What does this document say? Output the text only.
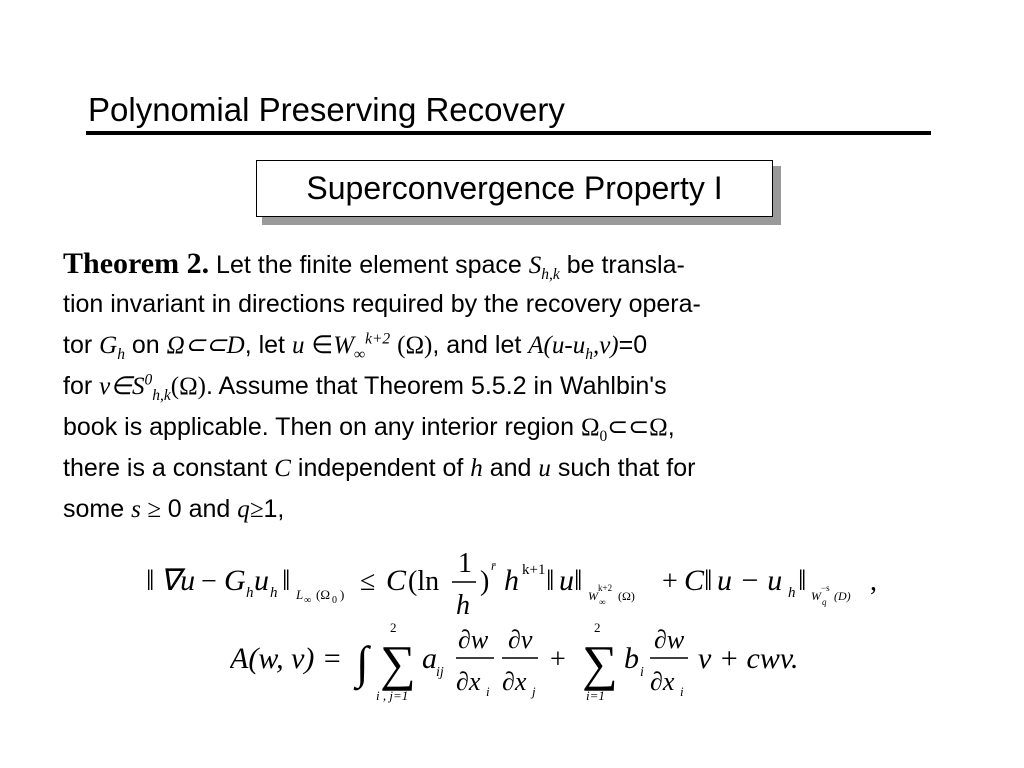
Polynomial Preserving Recovery
Superconvergence Property I
Theorem 2. Let the finite element space $S_{h,k}$ be transla-
tion invariant in directions required by the recovery opera-
tor $G_h$ on Ω⊂⊂D, let u $\in W_\infty^{k+2}$ (Ω), and let $A(u-u_h,v)=0$
for $v\in S^0_{h,k}(\Omega)$. Assume that Theorem 5.5.2 in Wahlbin's
book is applicable. Then on any interior region $\Omega_0\subset\subset\Omega$,
there is a constant C independent of h and u such that for
some s ≥ 0 and q≥1,
‖ ∇u − G h u h ‖ L ∞ (Ω 0 ) ≤ C (ln
1
h
) r̄ h k+1 ‖ u ‖ W ∞
k+2
(Ω) + C ‖ u − u h ‖ W q
−s
(D) ,
A(w, v) = ∫
2
∑
i , j=1
a ij
∂w
∂x i
∂v
∂x j
+
2
∑
i=1
b i
∂w
∂x i
v + cwv.
